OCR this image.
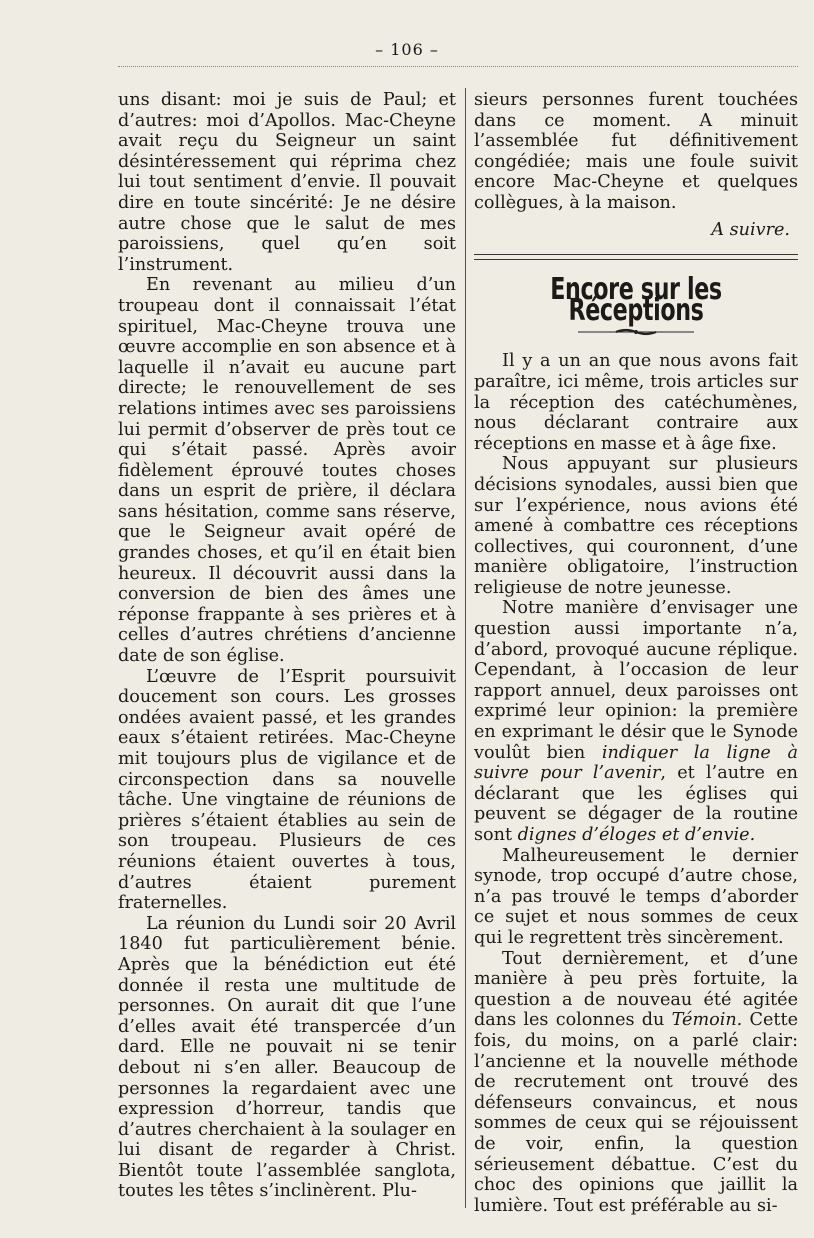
– 106 –

uns disant: moi je suis de Paul; et d’autres: moi d’Apollos. Mac-Cheyne avait reçu du Seigneur un saint désintéressement qui réprima chez lui tout sentiment d’envie. Il pouvait dire en toute sincérité: Je ne désire autre chose que le salut de mes paroissiens, quel qu’en soit l’instrument.

En revenant au milieu d’un troupeau dont il connaissait l’état spirituel, Mac-Cheyne trouva une œuvre accomplie en son absence et à laquelle il n’avait eu aucune part directe; le renouvellement de ses relations intimes avec ses paroissiens lui permit d’observer de près tout ce qui s’était passé. Après avoir fidèlement éprouvé toutes choses dans un esprit de prière, il déclara sans hésitation, comme sans réserve, que le Seigneur avait opéré de grandes choses, et qu’il en était bien heureux. Il découvrit aussi dans la conversion de bien des âmes une réponse frappante à ses prières et à celles d’autres chrétiens d’ancienne date de son église.

L’œuvre de l’Esprit poursuivit doucement son cours. Les grosses ondées avaient passé, et les grandes eaux s’étaient retirées. Mac-Cheyne mit toujours plus de vigilance et de circonspection dans sa nouvelle tâche. Une vingtaine de réunions de prières s’étaient établies au sein de son troupeau. Plusieurs de ces réunions étaient ouvertes à tous, d’autres étaient purement fraternelles.

La réunion du Lundi soir 20 Avril 1840 fut particulièrement bénie. Après que la bénédiction eut été donnée il resta une multitude de personnes. On aurait dit que l’une d’elles avait été transpercée d’un dard. Elle ne pouvait ni se tenir debout ni s’en aller. Beaucoup de personnes la regardaient avec une expression d’horreur, tandis que d’autres cherchaient à la soulager en lui disant de regarder à Christ. Bientôt toute l’assemblée sanglota, toutes les têtes s’inclinèrent. Plu-

sieurs personnes furent touchées dans ce moment. A minuit l’assemblée fut définitivement congédiée; mais une foule suivit encore Mac-Cheyne et quelques collègues, à la maison.

A suivre.
Encore sur les Réceptions

Il y a un an que nous avons fait paraître, ici même, trois articles sur la réception des catéchumènes, nous déclarant contraire aux réceptions en masse et à âge fixe.

Nous appuyant sur plusieurs décisions synodales, aussi bien que sur l’expérience, nous avions été amené à combattre ces réceptions collectives, qui couronnent, d’une manière obligatoire, l’instruction religieuse de notre jeunesse.

Notre manière d’envisager une question aussi importante n’a, d’abord, provoqué aucune réplique. Cependant, à l’occasion de leur rapport annuel, deux paroisses ont exprimé leur opinion: la première en exprimant le désir que le Synode voulût bien indiquer la ligne à suivre pour l’avenir, et l’autre en déclarant que les églises qui peuvent se dégager de la routine sont dignes d’éloges et d’envie.

Malheureusement le dernier synode, trop occupé d’autre chose, n’a pas trouvé le temps d’aborder ce sujet et nous sommes de ceux qui le regrettent très sincèrement.

Tout dernièrement, et d’une manière à peu près fortuite, la question a de nouveau été agitée dans les colonnes du Témoin. Cette fois, du moins, on a parlé clair: l’ancienne et la nouvelle méthode de recrutement ont trouvé des défenseurs convaincus, et nous sommes de ceux qui se réjouissent de voir, enfin, la question sérieusement débattue. C’est du choc des opinions que jaillit la lumière. Tout est préférable au si-
